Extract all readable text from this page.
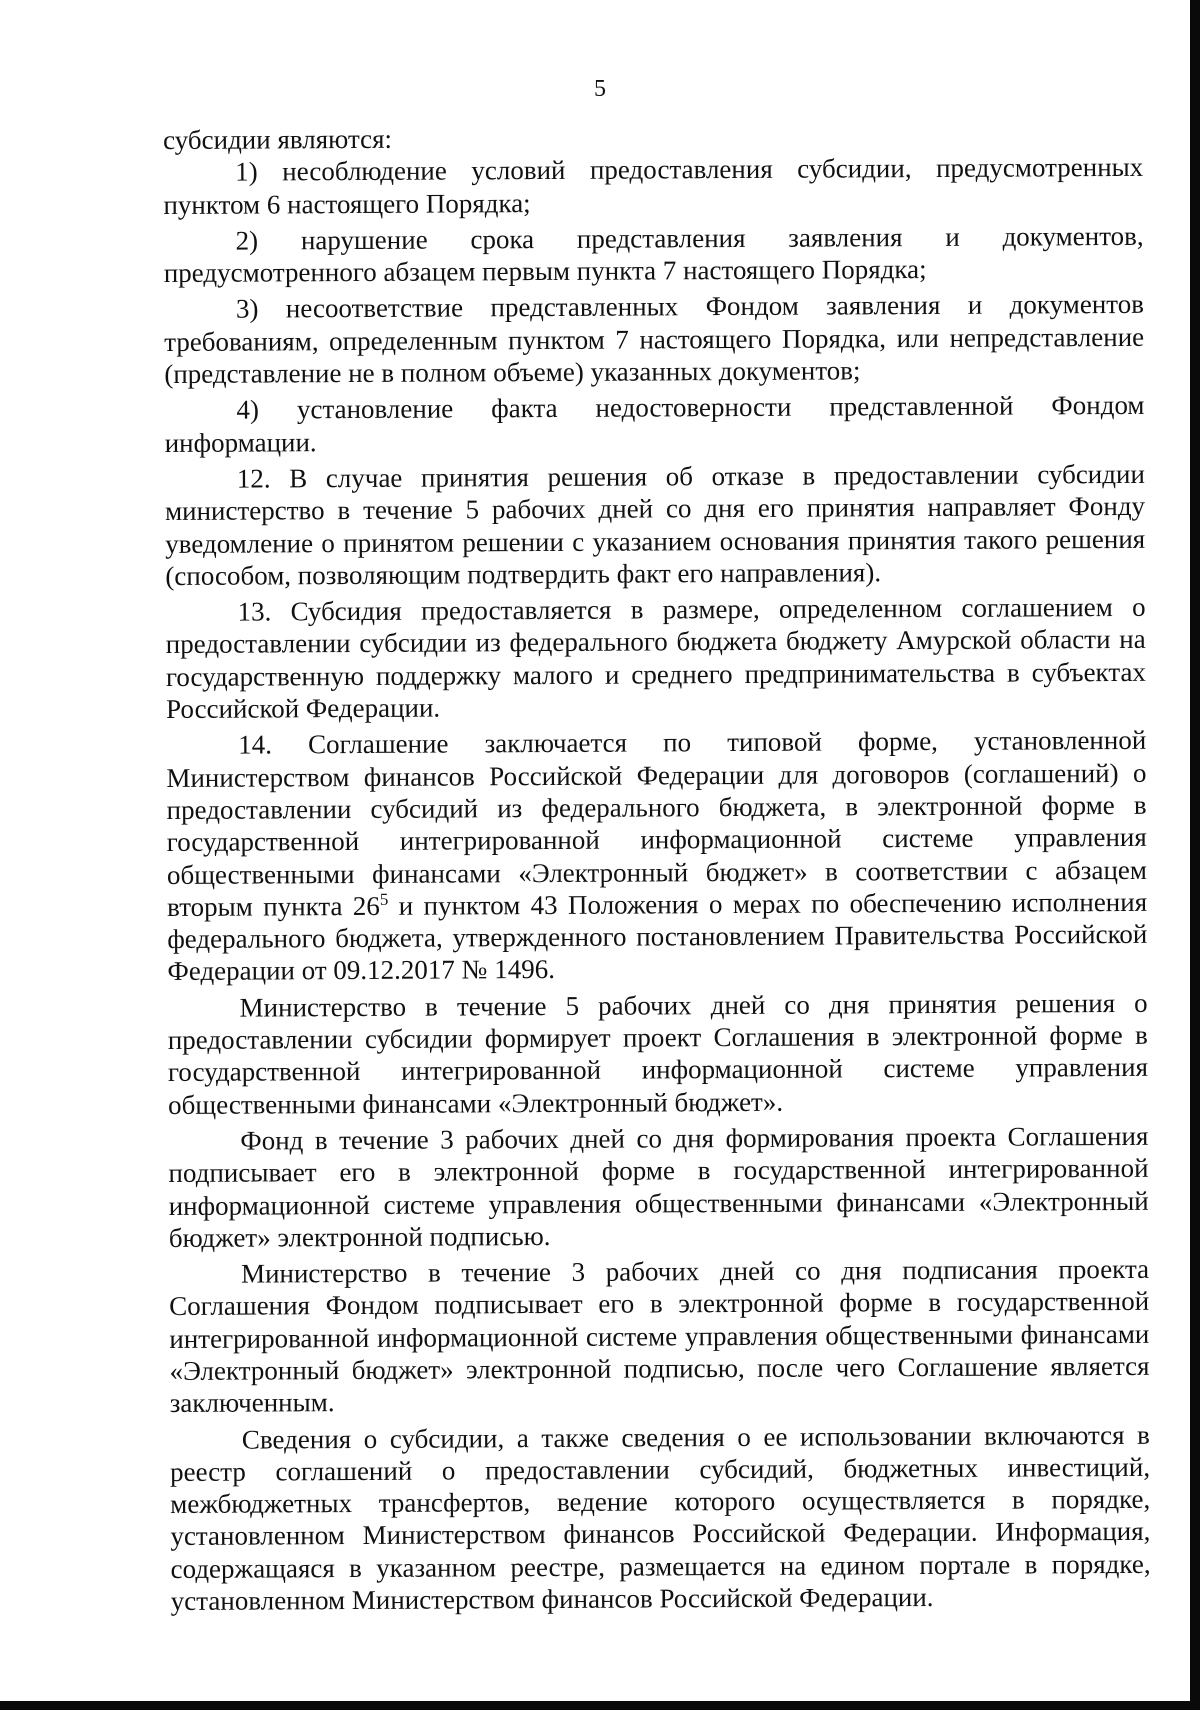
5

субсидии являются:

1) несоблюдение условий предоставления субсидии, предусмотренных пунктом 6 настоящего Порядка;

2) нарушение срока представления заявления и документов, предусмотренного абзацем первым пункта 7 настоящего Порядка;

3) несоответствие представленных Фондом заявления и документов требованиям, определенным пунктом 7 настоящего Порядка, или непредставление (представление не в полном объеме) указанных документов;

4) установление факта недостоверности представленной Фондом информации.

12. В случае принятия решения об отказе в предоставлении субсидии министерство в течение 5 рабочих дней со дня его принятия направляет Фонду уведомление о принятом решении с указанием основания принятия такого решения (способом, позволяющим подтвердить факт его направления).

13. Субсидия предоставляется в размере, определенном соглашением о предоставлении субсидии из федерального бюджета бюджету Амурской области на государственную поддержку малого и среднего предпринимательства в субъектах Российской Федерации.

14. Соглашение заключается по типовой форме, установленной Министерством финансов Российской Федерации для договоров (соглашений) о предоставлении субсидий из федерального бюджета, в электронной форме в государственной интегрированной информационной системе управления общественными финансами «Электронный бюджет» в соответствии с абзацем вторым пункта $26^5$ и пунктом 43 Положения о мерах по обеспечению исполнения федерального бюджета, утвержденного постановлением Правительства Российской Федерации от 09.12.2017 № 1496.

Министерство в течение 5 рабочих дней со дня принятия решения о предоставлении субсидии формирует проект Соглашения в электронной форме в государственной интегрированной информационной системе управления общественными финансами «Электронный бюджет».

Фонд в течение 3 рабочих дней со дня формирования проекта Соглашения подписывает его в электронной форме в государственной интегрированной информационной системе управления общественными финансами «Электронный бюджет» электронной подписью.

Министерство в течение 3 рабочих дней со дня подписания проекта Соглашения Фондом подписывает его в электронной форме в государственной интегрированной информационной системе управления общественными финансами «Электронный бюджет» электронной подписью, после чего Соглашение является заключенным.

Сведения о субсидии, а также сведения о ее использовании включаются в реестр соглашений о предоставлении субсидий, бюджетных инвестиций, межбюджетных трансфертов, ведение которого осуществляется в порядке, установленном Министерством финансов Российской Федерации. Информация, содержащаяся в указанном реестре, размещается на едином портале в порядке, установленном Министерством финансов Российской Федерации.
